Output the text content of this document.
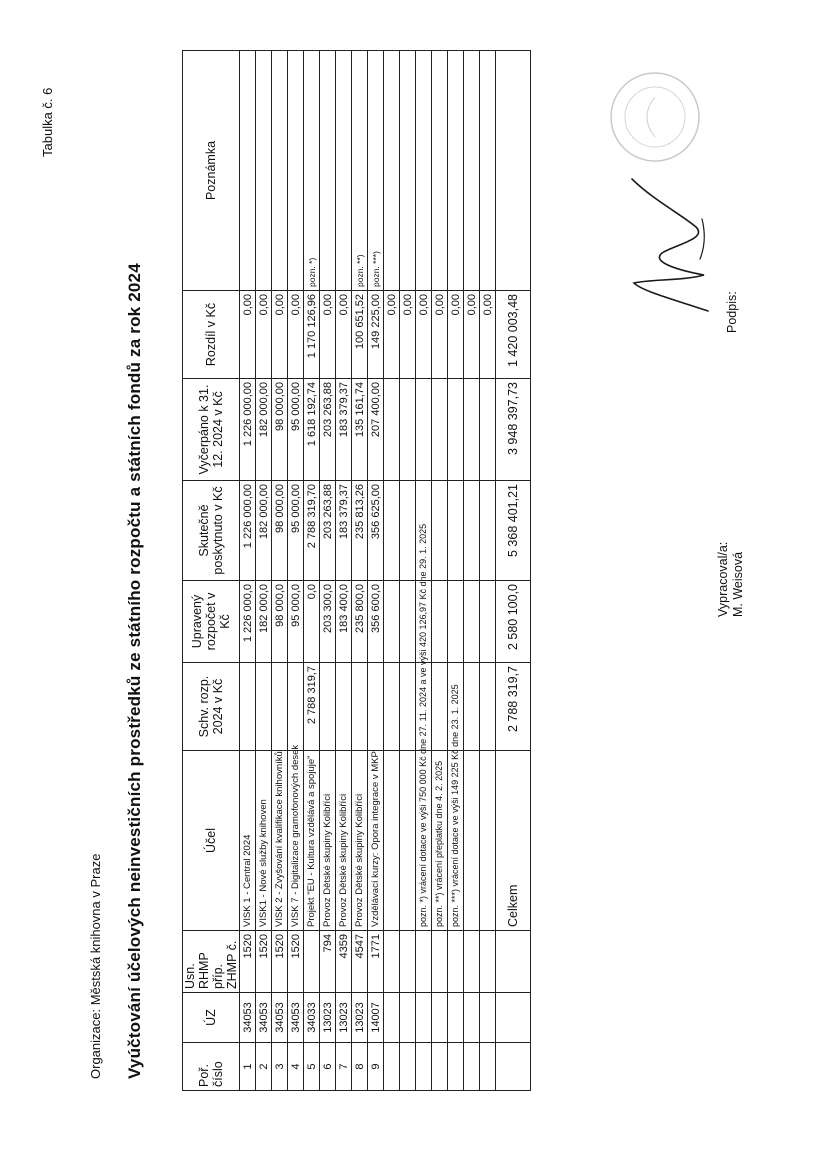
Organizace: Městská knihovna v Praze
Tabulka č. 6
Vyúčtování účelových neinvestičních prostředků ze státního rozpočtu a státních fondů za rok 2024	Poř. číslo	ÚZ	Usn. RHMP příp. ZHMP č.	Účel	Schv. rozp. 2024 v Kč	Upravený rozpočet v Kč	Skutečně poskytnuto v Kč	Vyčerpáno k 31. 12. 2024 v Kč	Rozdíl v Kč	Poznámka
1	34053	1520	VISK 1 - Central 2024		1 226 000,0	1 226 000,00	1 226 000,00	0,00	
2	34053	1520	VISK1 - Nové služby knihoven		182 000,0	182 000,00	182 000,00	0,00	
3	34053	1520	VISK 2 - Zvyšování kvalifikace knihovníků		98 000,0	98 000,00	98 000,00	0,00	
4	34053	1520	VISK 7 - Digitalizace gramofonových desek		95 000,0	95 000,00	95 000,00	0,00	
5	34033		Projekt "EU - Kultura vzdělává a spojuje"	2 788 319,7	0,0	2 788 319,70	1 618 192,74	1 170 126,96	pozn. *)
6	13023	794	Provoz Dětské skupiny Kolibříci		203 300,0	203 263,88	203 263,88	0,00	
7	13023	4359	Provoz Dětské skupiny Kolibříci		183 400,0	183 379,37	183 379,37	0,00	
8	13023	4547	Provoz Dětské skupiny Kolibříci		235 800,0	235 813,26	135 161,74	100 651,52	pozn. **)
9	14007	1771	Vzdělávací kurzy: Opora integrace v MKP		356 600,0	356 625,00	207 400,00	149 225,00	pozn. ***)
								0,00	
								0,00	

			pozn. *) vrácení dotace ve výši 750 000 Kč dne 27. 11. 2024 a ve výši 420 126,97 Kč dne 29. 1. 2025					0,00	

			pozn. **) vrácení přeplatku dne 4. 2. 2025					0,00	

			pozn. ***) vrácení dotace ve výši 149 225 Kč dne 23. 1. 2025					0,00	
								0,00	
								0,00	
			Celkem	2 788 319,7	2 580 100,0	5 368 401,21	3 948 397,73	1 420 003,48	
Vypracoval/a: M. Weisová
Podpis:
